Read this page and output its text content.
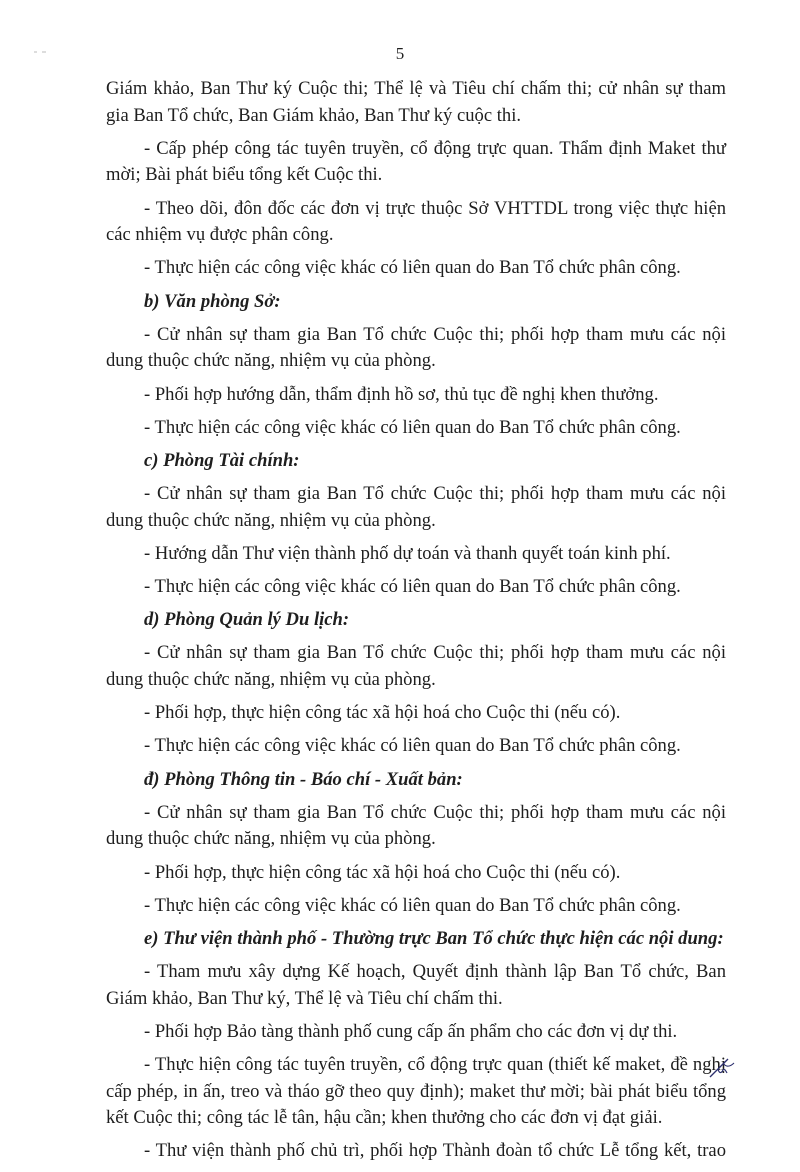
5

Giám khảo, Ban Thư ký Cuộc thi; Thể lệ và Tiêu chí chấm thi; cử nhân sự tham gia Ban Tổ chức, Ban Giám khảo, Ban Thư ký cuộc thi.

- Cấp phép công tác tuyên truyền, cổ động trực quan. Thẩm định Maket thư mời; Bài phát biểu tổng kết Cuộc thi.

- Theo dõi, đôn đốc các đơn vị trực thuộc Sở VHTTDL trong việc thực hiện các nhiệm vụ được phân công.

- Thực hiện các công việc khác có liên quan do Ban Tổ chức phân công.

b) Văn phòng Sở:

- Cử nhân sự tham gia Ban Tổ chức Cuộc thi; phối hợp tham mưu các nội dung thuộc chức năng, nhiệm vụ của phòng.

- Phối hợp hướng dẫn, thẩm định hồ sơ, thủ tục đề nghị khen thưởng.

- Thực hiện các công việc khác có liên quan do Ban Tổ chức phân công.

c) Phòng Tài chính:

- Cử nhân sự tham gia Ban Tổ chức Cuộc thi; phối hợp tham mưu các nội dung thuộc chức năng, nhiệm vụ của phòng.

- Hướng dẫn Thư viện thành phố dự toán và thanh quyết toán kinh phí.

- Thực hiện các công việc khác có liên quan do Ban Tổ chức phân công.

d) Phòng Quản lý Du lịch:

- Cử nhân sự tham gia Ban Tổ chức Cuộc thi; phối hợp tham mưu các nội dung thuộc chức năng, nhiệm vụ của phòng.

- Phối hợp, thực hiện công tác xã hội hoá cho Cuộc thi (nếu có).

- Thực hiện các công việc khác có liên quan do Ban Tổ chức phân công.

đ) Phòng Thông tin - Báo chí - Xuất bản:

- Cử nhân sự tham gia Ban Tổ chức Cuộc thi; phối hợp tham mưu các nội dung thuộc chức năng, nhiệm vụ của phòng.

- Phối hợp, thực hiện công tác xã hội hoá cho Cuộc thi (nếu có).

- Thực hiện các công việc khác có liên quan do Ban Tổ chức phân công.

e) Thư viện thành phố - Thường trực Ban Tổ chức thực hiện các nội dung:

- Tham mưu xây dựng Kế hoạch, Quyết định thành lập Ban Tổ chức, Ban Giám khảo, Ban Thư ký, Thể lệ và Tiêu chí chấm thi.

- Phối hợp Bảo tàng thành phố cung cấp ấn phẩm cho các đơn vị dự thi.

- Thực hiện công tác tuyên truyền, cổ động trực quan (thiết kế maket, đề nghị cấp phép, in ấn, treo và tháo gỡ theo quy định); maket thư mời; bài phát biểu tổng kết Cuộc thi; công tác lễ tân, hậu cần; khen thưởng cho các đơn vị đạt giải.

- Thư viện thành phố chủ trì, phối hợp Thành đoàn tổ chức Lễ tổng kết, trao
